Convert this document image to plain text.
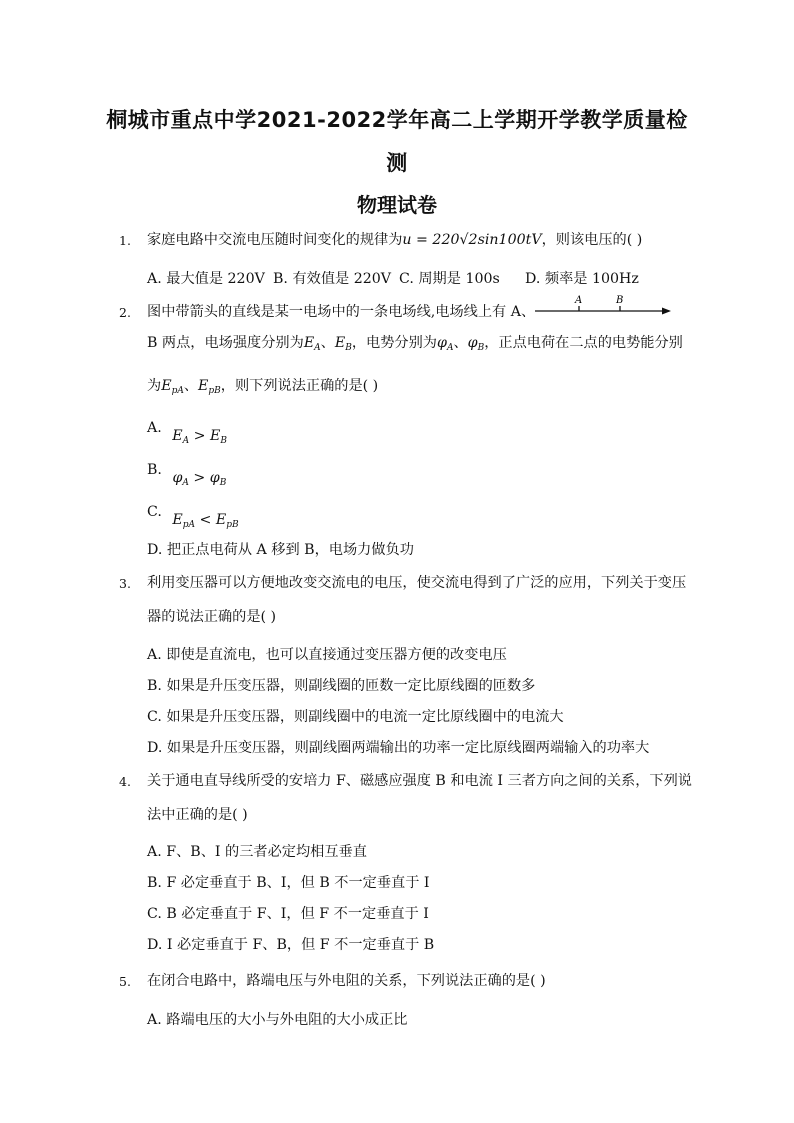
桐城市重点中学2021-2022学年高二上学期开学教学质量检
测
物理试卷
1. 家庭电路中交流电压随时间变化的规律为u = 220√2sin100tV，则该电压的( )
A. 最大值是 220V B. 有效值是 220V C. 周期是 100s D. 频率是 100Hz
2. 图中带箭头的直线是某一电场中的一条电场线,电场线上有 A、
A	B
B 两点，电场强度分别为$E_A$、$E_B$，电势分别为$\varphi_A$、$\varphi_B$，正点电荷在二点的电势能分别
为$E_{pA}$、$E_{pB}$，则下列说法正确的是( )
A. $E_A > E_B$
B. $\varphi_A > \varphi_B$
C. $E_{pA} < E_{pB}$
D. 把正点电荷从 A 移到 B，电场力做负功
3. 利用变压器可以方便地改变交流电的电压，使交流电得到了广泛的应用，下列关于变压
器的说法正确的是( )
A. 即使是直流电，也可以直接通过变压器方便的改变电压
B. 如果是升压变压器，则副线圈的匝数一定比原线圈的匝数多
C. 如果是升压变压器，则副线圈中的电流一定比原线圈中的电流大
D. 如果是升压变压器，则副线圈两端输出的功率一定比原线圈两端输入的功率大
4. 关于通电直导线所受的安培力 F、磁感应强度 B 和电流 I 三者方向之间的关系，下列说
法中正确的是( )
A. F、B、I 的三者必定均相互垂直
B. F 必定垂直于 B、I，但 B 不一定垂直于 I
C. B 必定垂直于 F、I，但 F 不一定垂直于 I
D. I 必定垂直于 F、B，但 F 不一定垂直于 B
5. 在闭合电路中，路端电压与外电阻的关系，下列说法正确的是( )
A. 路端电压的大小与外电阻的大小成正比
